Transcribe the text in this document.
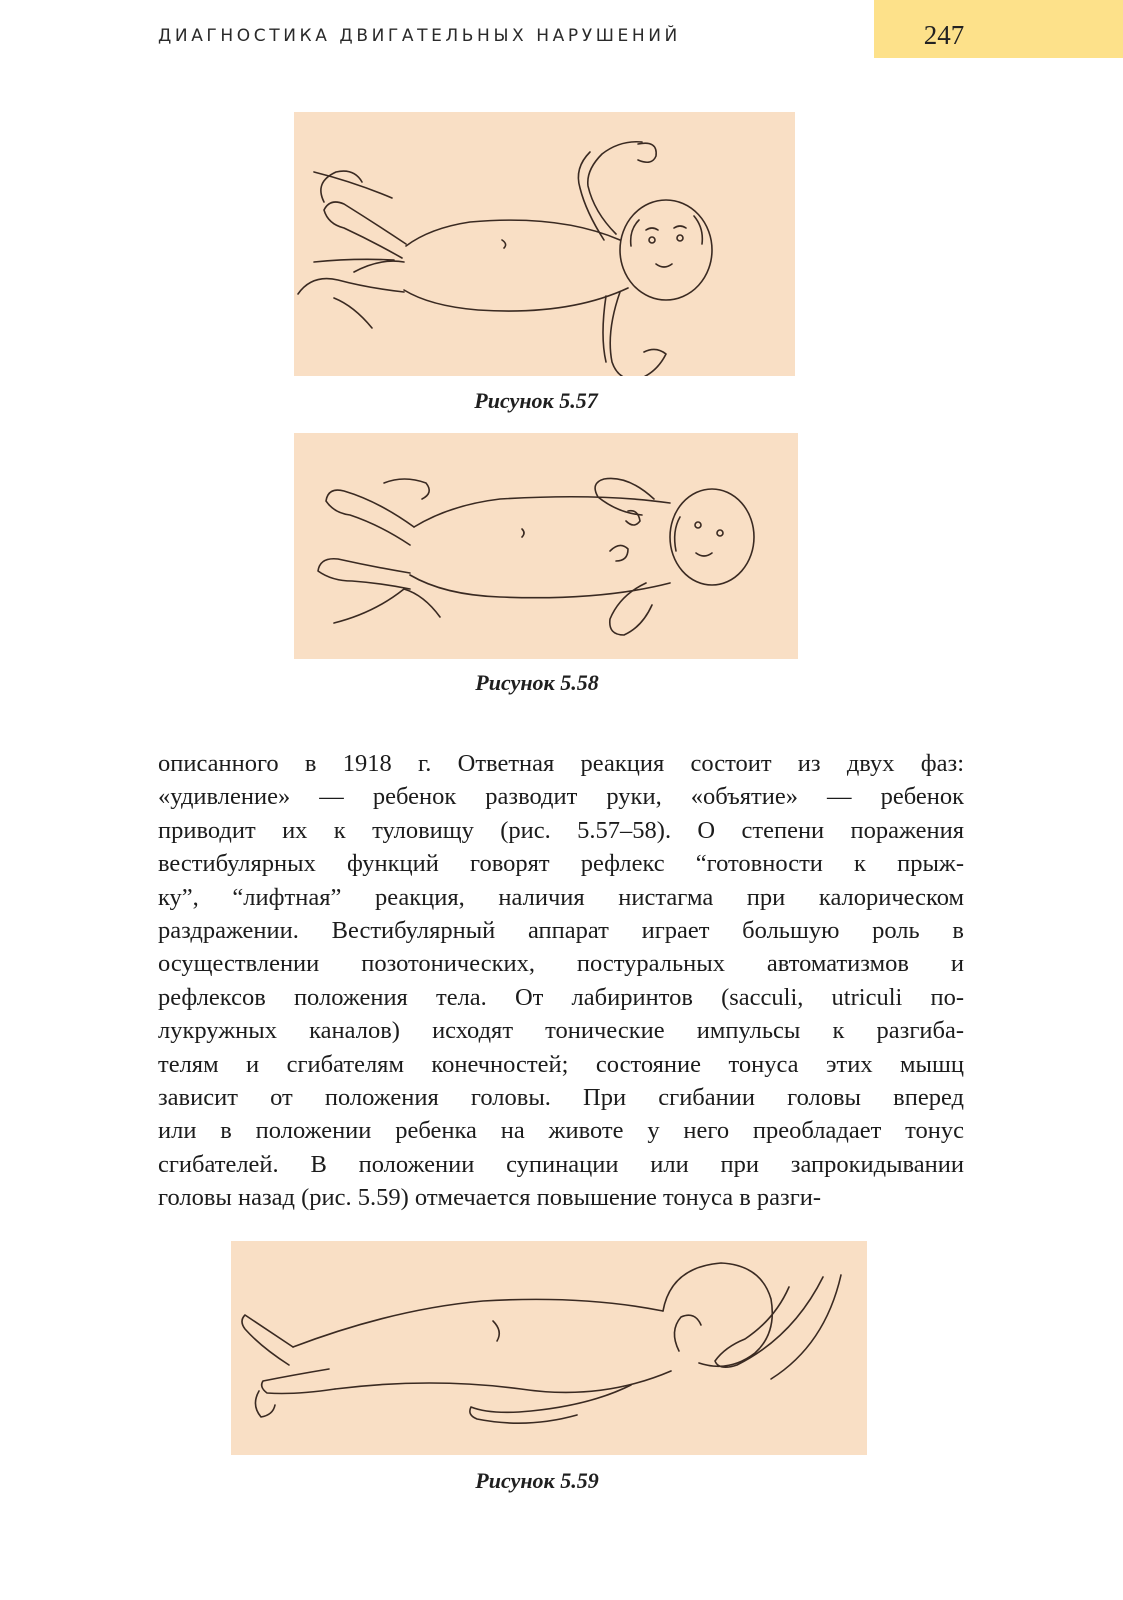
ДИАГНОСТИКА ДВИГАТЕЛЬНЫХ НАРУШЕНИЙ	247
Рисунок 5.57
Рисунок 5.58
описанного в 1918 г. Ответная реакция состоит из двух фаз:
«удивление» — ребенок разводит руки, «объятие» — ребенок
приводит их к туловищу (рис. 5.57–58). О степени поражения
вестибулярных функций говорят рефлекс “готовности к прыж-
ку”, “лифтная” реакция, наличия нистагма при калорическом
раздражении. Вестибулярный аппарат играет большую роль в
осуществлении позотонических, постуральных автоматизмов и
рефлексов положения тела. От лабиринтов (sacculi, utriculi по-
лукружных каналов) исходят тонические импульсы к разгиба-
телям и сгибателям конечностей; состояние тонуса этих мышц
зависит от положения головы. При сгибании головы вперед
или в положении ребенка на животе у него преобладает тонус
сгибателей. В положении супинации или при запрокидывании
головы назад (рис. 5.59) отмечается повышение тонуса в разги-
Рисунок 5.59
